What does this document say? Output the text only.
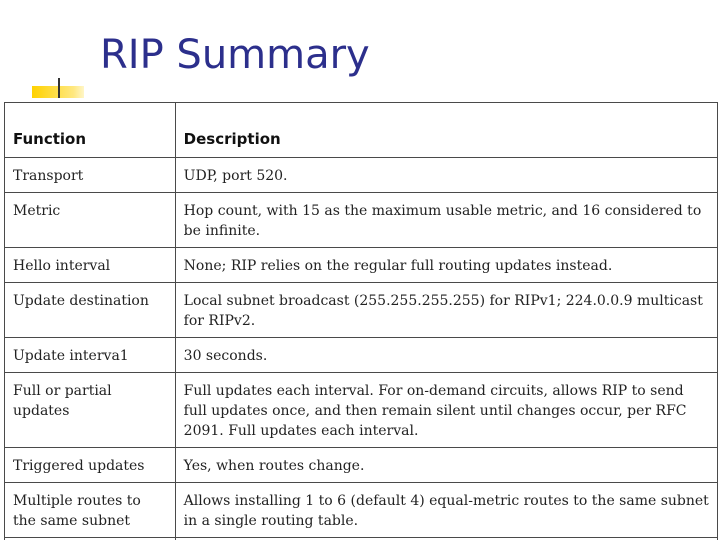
RIP Summary
Function	Description
Transport	UDP, port 520.
Metric	Hop count, with 15 as the maximum usable metric, and 16 considered to be infinite.
Hello interval	None; RIP relies on the regular full routing updates instead.
Update destination	Local subnet broadcast (255.255.255.255) for RIPv1; 224.0.0.9 multicast for RIPv2.
Update interva1	30 seconds.
Full or partial updates	Full updates each interval. For on-demand circuits, allows RIP to send full updates once, and then remain silent until changes occur, per RFC 2091. Full updates each interval.
Triggered updates	Yes, when routes change.
Multiple routes to the same subnet	Allows installing 1 to 6 (default 4) equal-metric routes to the same subnet in a single routing table.
